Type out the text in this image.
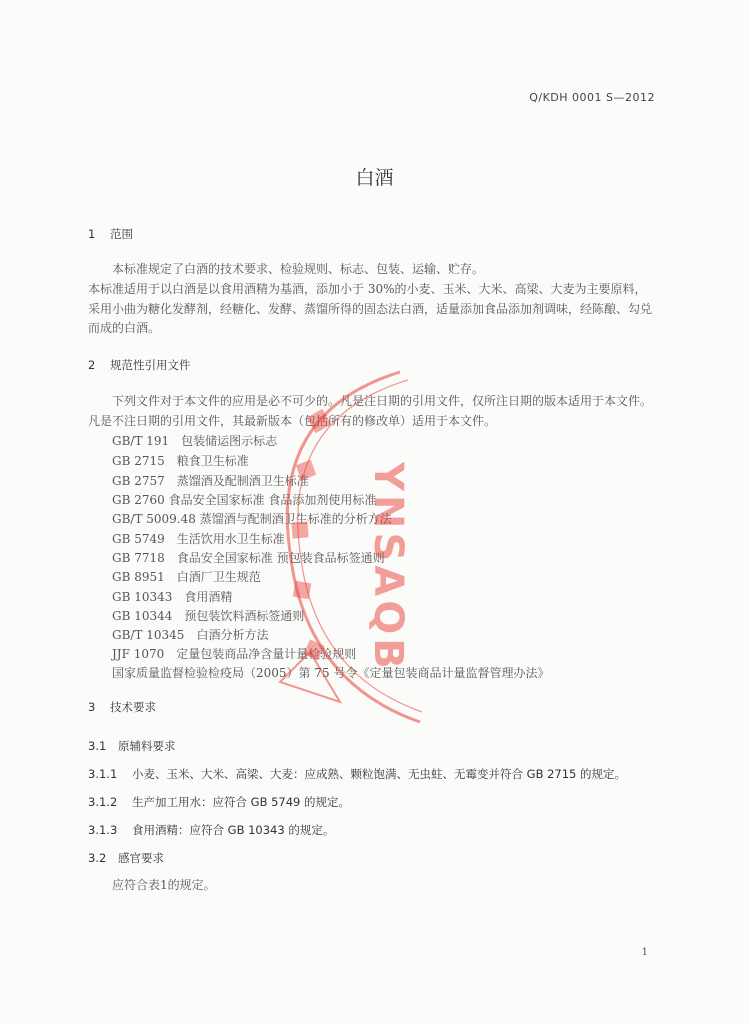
Q/KDH 0001 S—2012
白酒
1 范围
本标准规定了白酒的技术要求、检验规则、标志、包装、运输、贮存。
本标准适用于以白酒是以食用酒精为基酒，添加小于 30%的小麦、玉米、大米、高梁、大麦为主要原料，采用小曲为糖化发酵剂，经糖化、发酵、蒸馏所得的固态法白酒，适量添加食品添加剂调味，经陈酿、勾兑而成的白酒。
2 规范性引用文件
下列文件对于本文件的应用是必不可少的。凡是注日期的引用文件，仅所注日期的版本适用于本文件。凡是不注日期的引用文件，其最新版本（包括所有的修改单）适用于本文件。
GB/T 191　包装储运图示标志
GB 2715　粮食卫生标准
GB 2757　蒸馏酒及配制酒卫生标准
GB 2760 食品安全国家标准 食品添加剂使用标准
GB/T 5009.48 蒸馏酒与配制酒卫生标准的分析方法
GB 5749　生活饮用水卫生标准
GB 7718　食品安全国家标准 预包装食品标签通则
GB 8951　白酒厂卫生规范
GB 10343　食用酒精
GB 10344　预包装饮料酒标签通则
GB/T 10345　白酒分析方法
JJF 1070　定量包装商品净含量计量检验规则
国家质量监督检验检疫局（2005）第 75 号令《定量包装商品计量监督管理办法》
3 技术要求
3.1 原辅料要求
3.1.1 小麦、玉米、大米、高梁、大麦：应成熟、颗粒饱满、无虫蛀、无霉变并符合 GB 2715 的规定。
3.1.2 生产加工用水：应符合 GB 5749 的规定。
3.1.3 食用酒精：应符合 GB 10343 的规定。
3.2 感官要求
应符合表1的规定。
1
YNSAQB
